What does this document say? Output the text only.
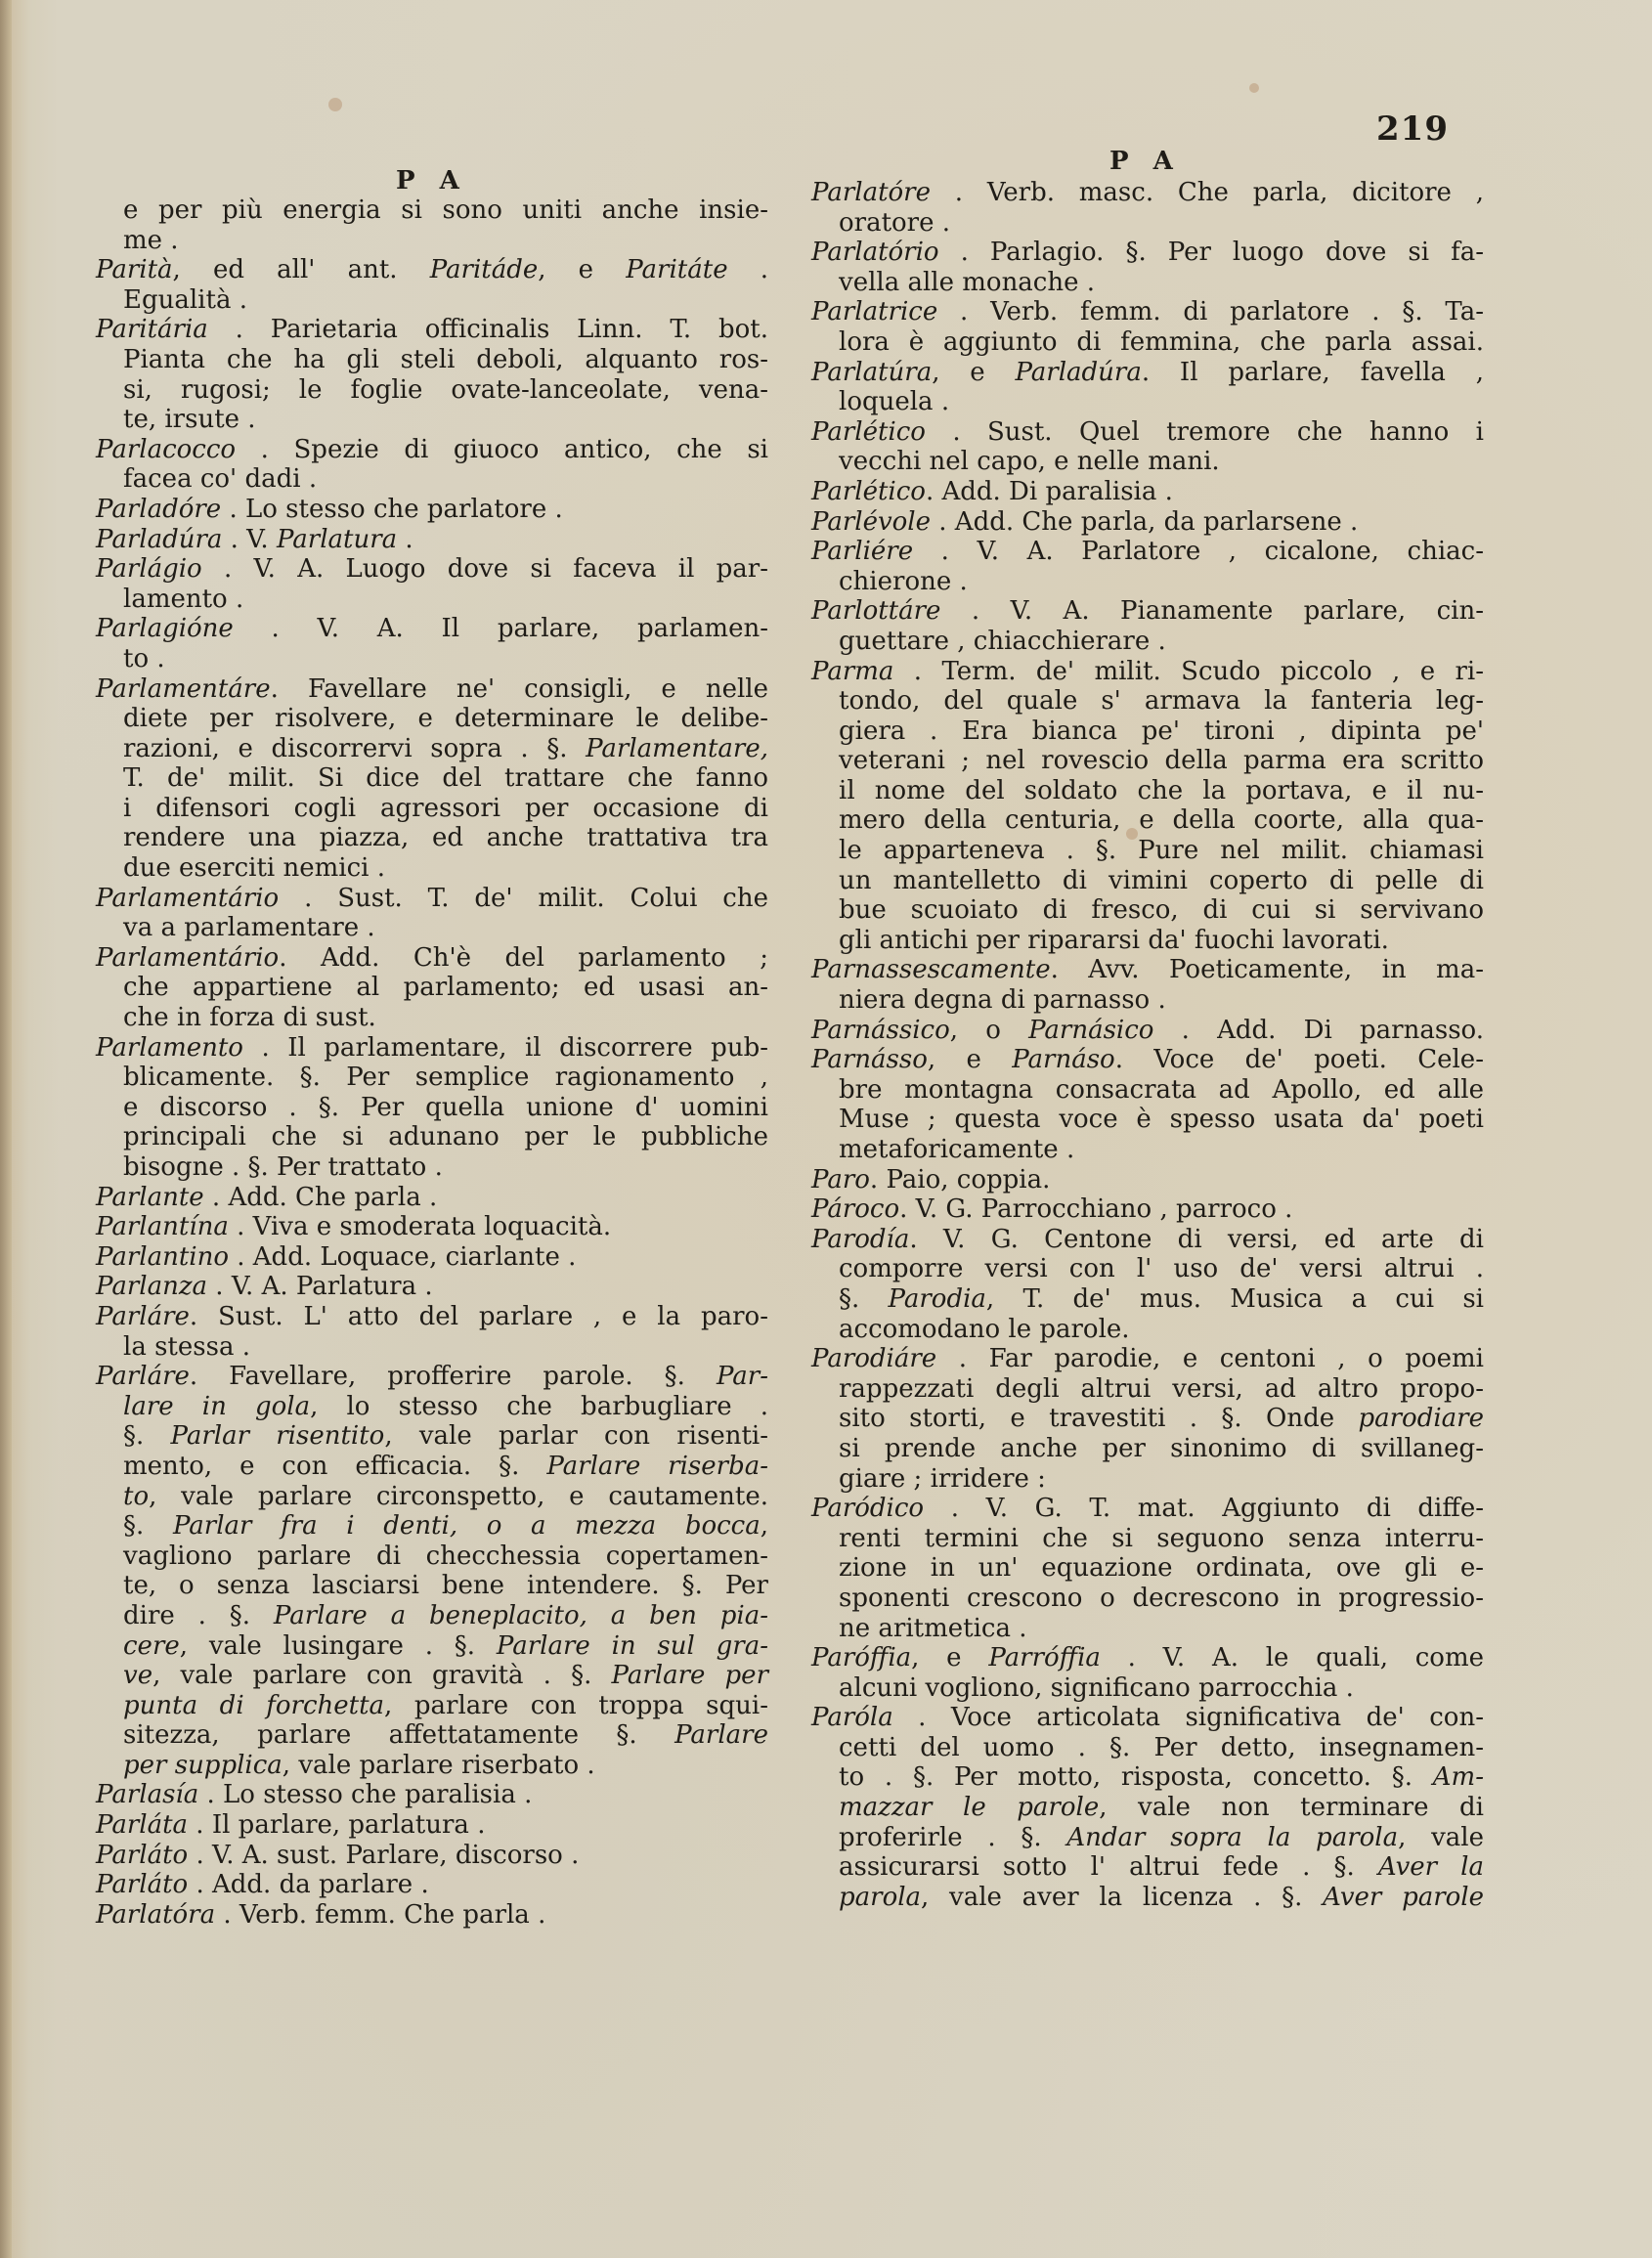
219
P A
P A
e per più energia si sono uniti anche insie-
me .
Parità, ed all' ant. Paritáde, e Paritáte .
Egualità .
Paritária . Parietaria officinalis Linn. T. bot.
Pianta che ha gli steli deboli, alquanto ros-
si, rugosi; le foglie ovate-lanceolate, vena-
te, irsute .
Parlacocco . Spezie di giuoco antico, che si
facea co' dadi .
Parladóre . Lo stesso che parlatore .
Parladúra . V. Parlatura .
Parlágio . V. A. Luogo dove si faceva il par-
lamento .
Parlagióne . V. A. Il parlare, parlamen-
to .
Parlamentáre. Favellare ne' consigli, e nelle
diete per risolvere, e determinare le delibe-
razioni, e discorrervi sopra . §. Parlamentare,
T. de' milit. Si dice del trattare che fanno
i difensori cogli agressori per occasione di
rendere una piazza, ed anche trattativa tra
due eserciti nemici .
Parlamentário . Sust. T. de' milit. Colui che
va a parlamentare .
Parlamentário. Add. Ch'è del parlamento ;
che appartiene al parlamento; ed usasi an-
che in forza di sust.
Parlamento . Il parlamentare, il discorrere pub-
blicamente. §. Per semplice ragionamento ,
e discorso . §. Per quella unione d' uomini
principali che si adunano per le pubbliche
bisogne . §. Per trattato .
Parlante . Add. Che parla .
Parlantína . Viva e smoderata loquacità.
Parlantino . Add. Loquace, ciarlante .
Parlanza . V. A. Parlatura .
Parláre. Sust. L' atto del parlare , e la paro-
la stessa .
Parláre. Favellare, profferire parole. §. Par-
lare in gola, lo stesso che barbugliare .
§. Parlar risentito, vale parlar con risenti-
mento, e con efficacia. §. Parlare riserba-
to, vale parlare circonspetto, e cautamente.
§. Parlar fra i denti, o a mezza bocca,
vagliono parlare di checchessia copertamen-
te, o senza lasciarsi bene intendere. §. Per
dire . §. Parlare a beneplacito, a ben pia-
cere, vale lusingare . §. Parlare in sul gra-
ve, vale parlare con gravità . §. Parlare per
punta di forchetta, parlare con troppa squi-
sitezza, parlare affettatamente §. Parlare
per supplica, vale parlare riserbato .
Parlasía . Lo stesso che paralisia .
Parláta . Il parlare, parlatura .
Parláto . V. A. sust. Parlare, discorso .
Parláto . Add. da parlare .
Parlatóra . Verb. femm. Che parla .
Parlatóre . Verb. masc. Che parla, dicitore ,
oratore .
Parlatório . Parlagio. §. Per luogo dove si fa-
vella alle monache .
Parlatrice . Verb. femm. di parlatore . §. Ta-
lora è aggiunto di femmina, che parla assai.
Parlatúra, e Parladúra. Il parlare, favella ,
loquela .
Parlético . Sust. Quel tremore che hanno i
vecchi nel capo, e nelle mani.
Parlético. Add. Di paralisia .
Parlévole . Add. Che parla, da parlarsene .
Parliére . V. A. Parlatore , cicalone, chiac-
chierone .
Parlottáre . V. A. Pianamente parlare, cin-
guettare , chiacchierare .
Parma . Term. de' milit. Scudo piccolo , e ri-
tondo, del quale s' armava la fanteria leg-
giera . Era bianca pe' tironi , dipinta pe'
veterani ; nel rovescio della parma era scritto
il nome del soldato che la portava, e il nu-
mero della centuria, e della coorte, alla qua-
le apparteneva . §. Pure nel milit. chiamasi
un mantelletto di vimini coperto di pelle di
bue scuoiato di fresco, di cui si servivano
gli antichi per ripararsi da' fuochi lavorati.
Parnassescamente. Avv. Poeticamente, in ma-
niera degna di parnasso .
Parnássico, o Parnásico . Add. Di parnasso.
Parnásso, e Parnáso. Voce de' poeti. Cele-
bre montagna consacrata ad Apollo, ed alle
Muse ; questa voce è spesso usata da' poeti
metaforicamente .
Paro. Paio, coppia.
Pároco. V. G. Parrocchiano , parroco .
Parodía. V. G. Centone di versi, ed arte di
comporre versi con l' uso de' versi altrui .
§. Parodia, T. de' mus. Musica a cui si
accomodano le parole.
Parodiáre . Far parodie, e centoni , o poemi
rappezzati degli altrui versi, ad altro propo-
sito storti, e travestiti . §. Onde parodiare
si prende anche per sinonimo di svillaneg-
giare ; irridere :
Paródico . V. G. T. mat. Aggiunto di diffe-
renti termini che si seguono senza interru-
zione in un' equazione ordinata, ove gli e-
sponenti crescono o decrescono in progressio-
ne aritmetica .
Paróffia, e Parróffia . V. A. le quali, come
alcuni vogliono, significano parrocchia .
Paróla . Voce articolata significativa de' con-
cetti del uomo . §. Per detto, insegnamen-
to . §. Per motto, risposta, concetto. §. Am-
mazzar le parole, vale non terminare di
proferirle . §. Andar sopra la parola, vale
assicurarsi sotto l' altrui fede . §. Aver la
parola, vale aver la licenza . §. Aver parole
